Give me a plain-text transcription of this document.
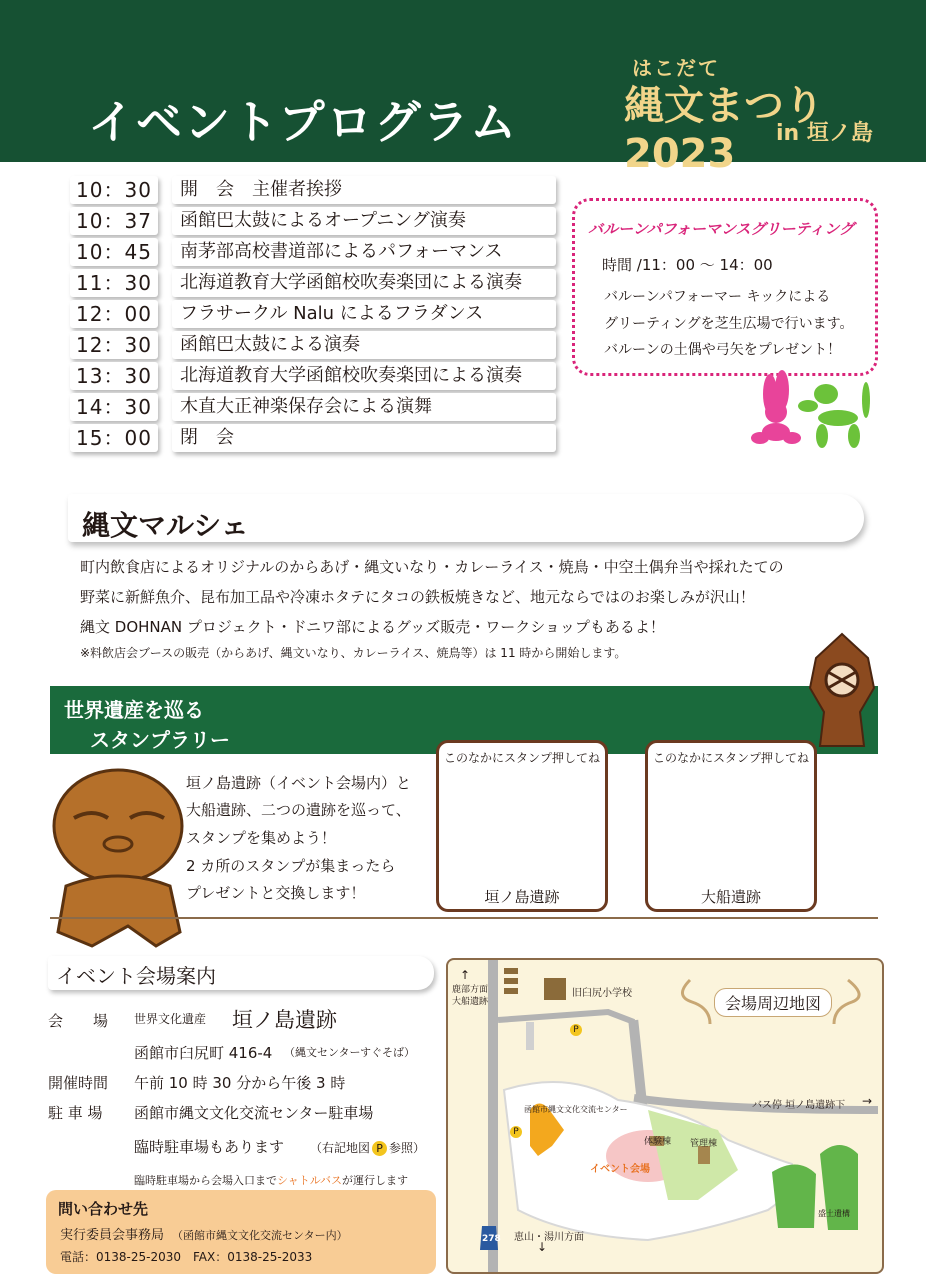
イベントプログラム
はこだて
縄文まつり2023	in 垣ノ島
10：30	開　会　主催者挨拶
10：37	函館巴太鼓によるオープニング演奏
10：45	南茅部高校書道部によるパフォーマンス
11：30	北海道教育大学函館校吹奏楽団による演奏
12：00	フラサークル Nalu によるフラダンス
12：30	函館巴太鼓による演奏
13：30	北海道教育大学函館校吹奏楽団による演奏
14：30	木直大正神楽保存会による演舞
15：00	閉　会
バルーンパフォーマンスグリーティング
時間 /11：00 ～ 14：00
バルーンパフォーマー キックによる
グリーティングを芝生広場で行います。
バルーンの土偶や弓矢をプレゼント！
縄文マルシェ
町内飲食店によるオリジナルのからあげ・縄文いなり・カレーライス・焼鳥・中空土偶弁当や採れたての
野菜に新鮮魚介、昆布加工品や冷凍ホタテにタコの鉄板焼きなど、地元ならではのお楽しみが沢山！
縄文 DOHNAN プロジェクト・ドニワ部によるグッズ販売・ワークショップもあるよ！
※料飲店会ブースの販売（からあげ、縄文いなり、カレーライス、焼鳥等）は 11 時から開始します。
世界遺産を巡る
スタンプラリー
垣ノ島遺跡（イベント会場内）と
大船遺跡、二つの遺跡を巡って、
スタンプを集めよう！
2 カ所のスタンプが集まったら
プレゼントと交換します！
このなかにスタンプ押してね
垣ノ島遺跡
このなかにスタンプ押してね
大船遺跡
イベント会場案内
会　　場 世界文化遺産 垣ノ島遺跡
函館市臼尻町 416-4 （縄文センターすぐそば）
開催時間 午前 10 時 30 分から午後 3 時
駐 車 場 函館市縄文文化交流センター駐車場
臨時駐車場もあります （右記地図 P 参照）
臨時駐車場から会場入口までシャトルバスが運行します
問い合わせ先
実行委員会事務局 （函館市縄文文化交流センター内）
電話：0138-25-2030　FAX：0138-25-2033
鹿部方面
大船遺跡
↑
旧臼尻小学校
会場周辺地図
P
P
函館市縄文文化交流センター	バス停 垣ノ島遺跡下 →
イベント会場
体験棟 管理棟
恵山・湯川方面
↓
278
盛土遺構
